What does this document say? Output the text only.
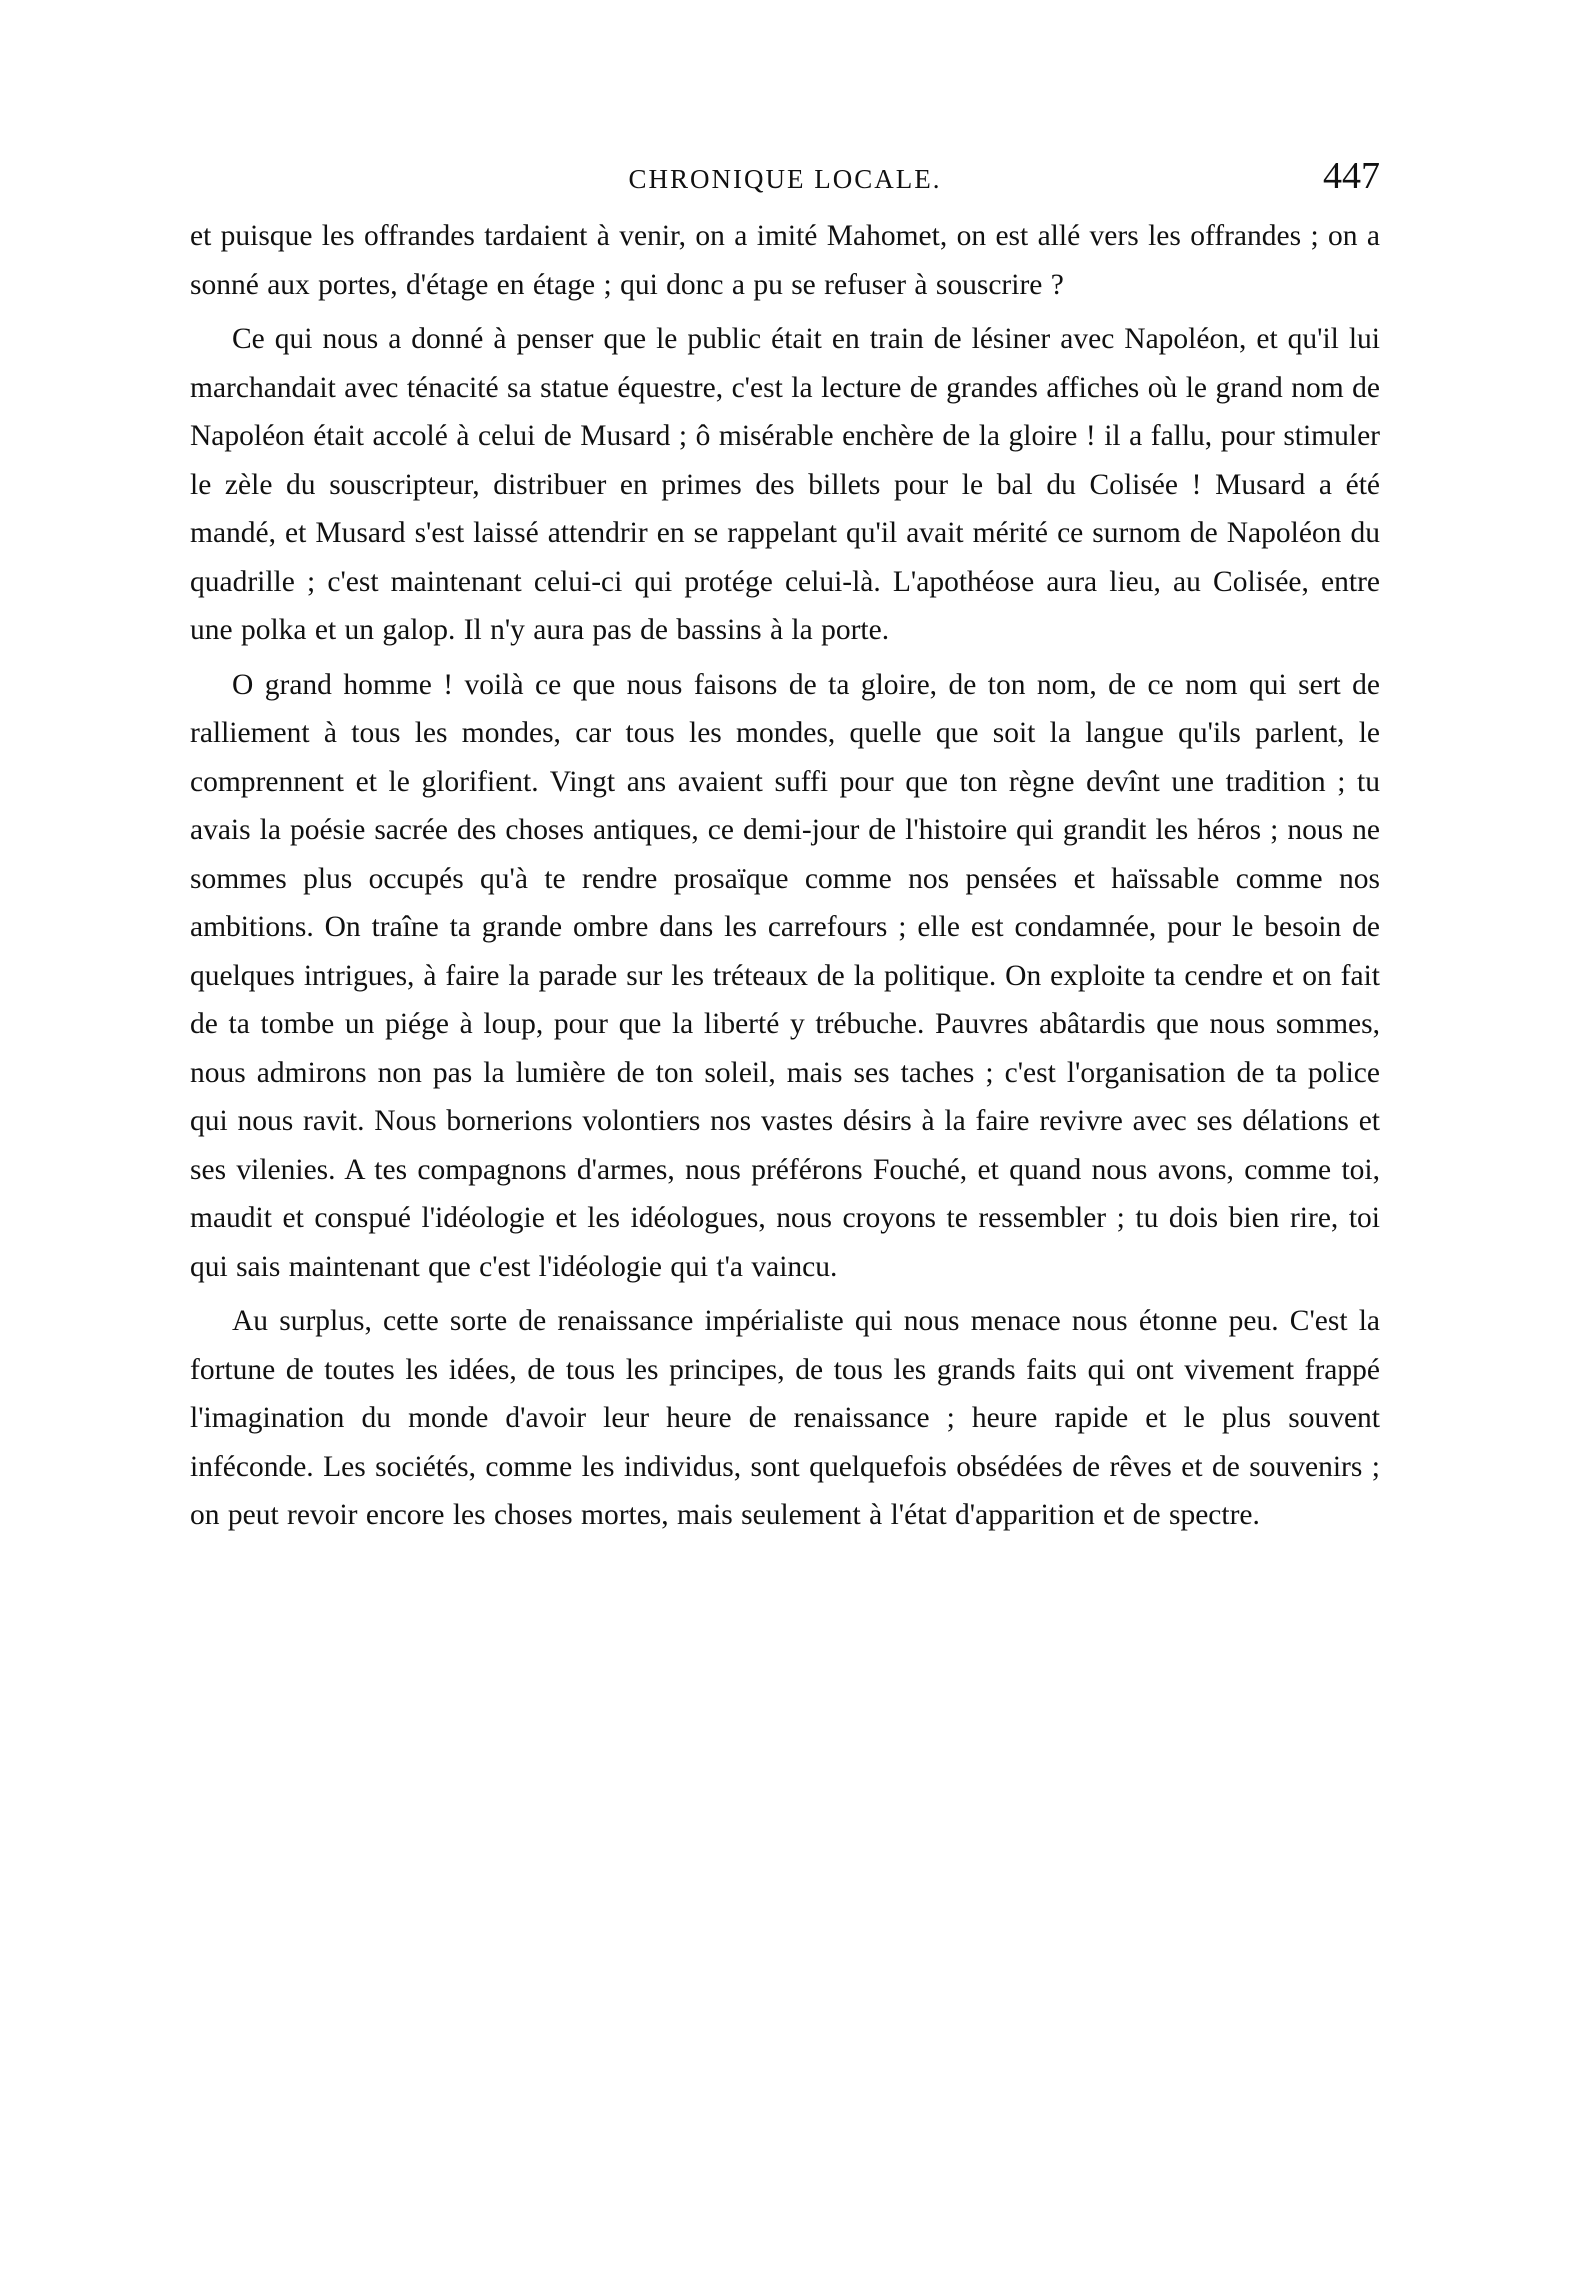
CHRONIQUE LOCALE.	447

et puisque les offrandes tardaient à venir, on a imité Mahomet, on est allé vers les offrandes ; on a sonné aux portes, d'étage en étage ; qui donc a pu se refuser à souscrire ?

Ce qui nous a donné à penser que le public était en train de lésiner avec Napoléon, et qu'il lui marchandait avec ténacité sa statue équestre, c'est la lecture de grandes affiches où le grand nom de Napoléon était accolé à celui de Musard ; ô misérable enchère de la gloire ! il a fallu, pour stimuler le zèle du souscripteur, distribuer en primes des billets pour le bal du Colisée ! Musard a été mandé, et Musard s'est laissé attendrir en se rappelant qu'il avait mérité ce surnom de Napoléon du quadrille ; c'est maintenant celui-ci qui protége celui-là. L'apothéose aura lieu, au Colisée, entre une polka et un galop. Il n'y aura pas de bassins à la porte.

O grand homme ! voilà ce que nous faisons de ta gloire, de ton nom, de ce nom qui sert de ralliement à tous les mondes, car tous les mondes, quelle que soit la langue qu'ils parlent, le comprennent et le glorifient. Vingt ans avaient suffi pour que ton règne devînt une tradition ; tu avais la poésie sacrée des choses antiques, ce demi-jour de l'histoire qui grandit les héros ; nous ne sommes plus occupés qu'à te rendre prosaïque comme nos pensées et haïssable comme nos ambitions. On traîne ta grande ombre dans les carrefours ; elle est condamnée, pour le besoin de quelques intrigues, à faire la parade sur les tréteaux de la politique. On exploite ta cendre et on fait de ta tombe un piége à loup, pour que la liberté y trébuche. Pauvres abâtardis que nous sommes, nous admirons non pas la lumière de ton soleil, mais ses taches ; c'est l'organisation de ta police qui nous ravit. Nous bornerions volontiers nos vastes désirs à la faire revivre avec ses délations et ses vilenies. A tes compagnons d'armes, nous préférons Fouché, et quand nous avons, comme toi, maudit et conspué l'idéologie et les idéologues, nous croyons te ressembler ; tu dois bien rire, toi qui sais maintenant que c'est l'idéologie qui t'a vaincu.

Au surplus, cette sorte de renaissance impérialiste qui nous menace nous étonne peu. C'est la fortune de toutes les idées, de tous les principes, de tous les grands faits qui ont vivement frappé l'imagination du monde d'avoir leur heure de renaissance ; heure rapide et le plus souvent inféconde. Les sociétés, comme les individus, sont quelquefois obsédées de rêves et de souvenirs ; on peut revoir encore les choses mortes, mais seulement à l'état d'apparition et de spectre.
